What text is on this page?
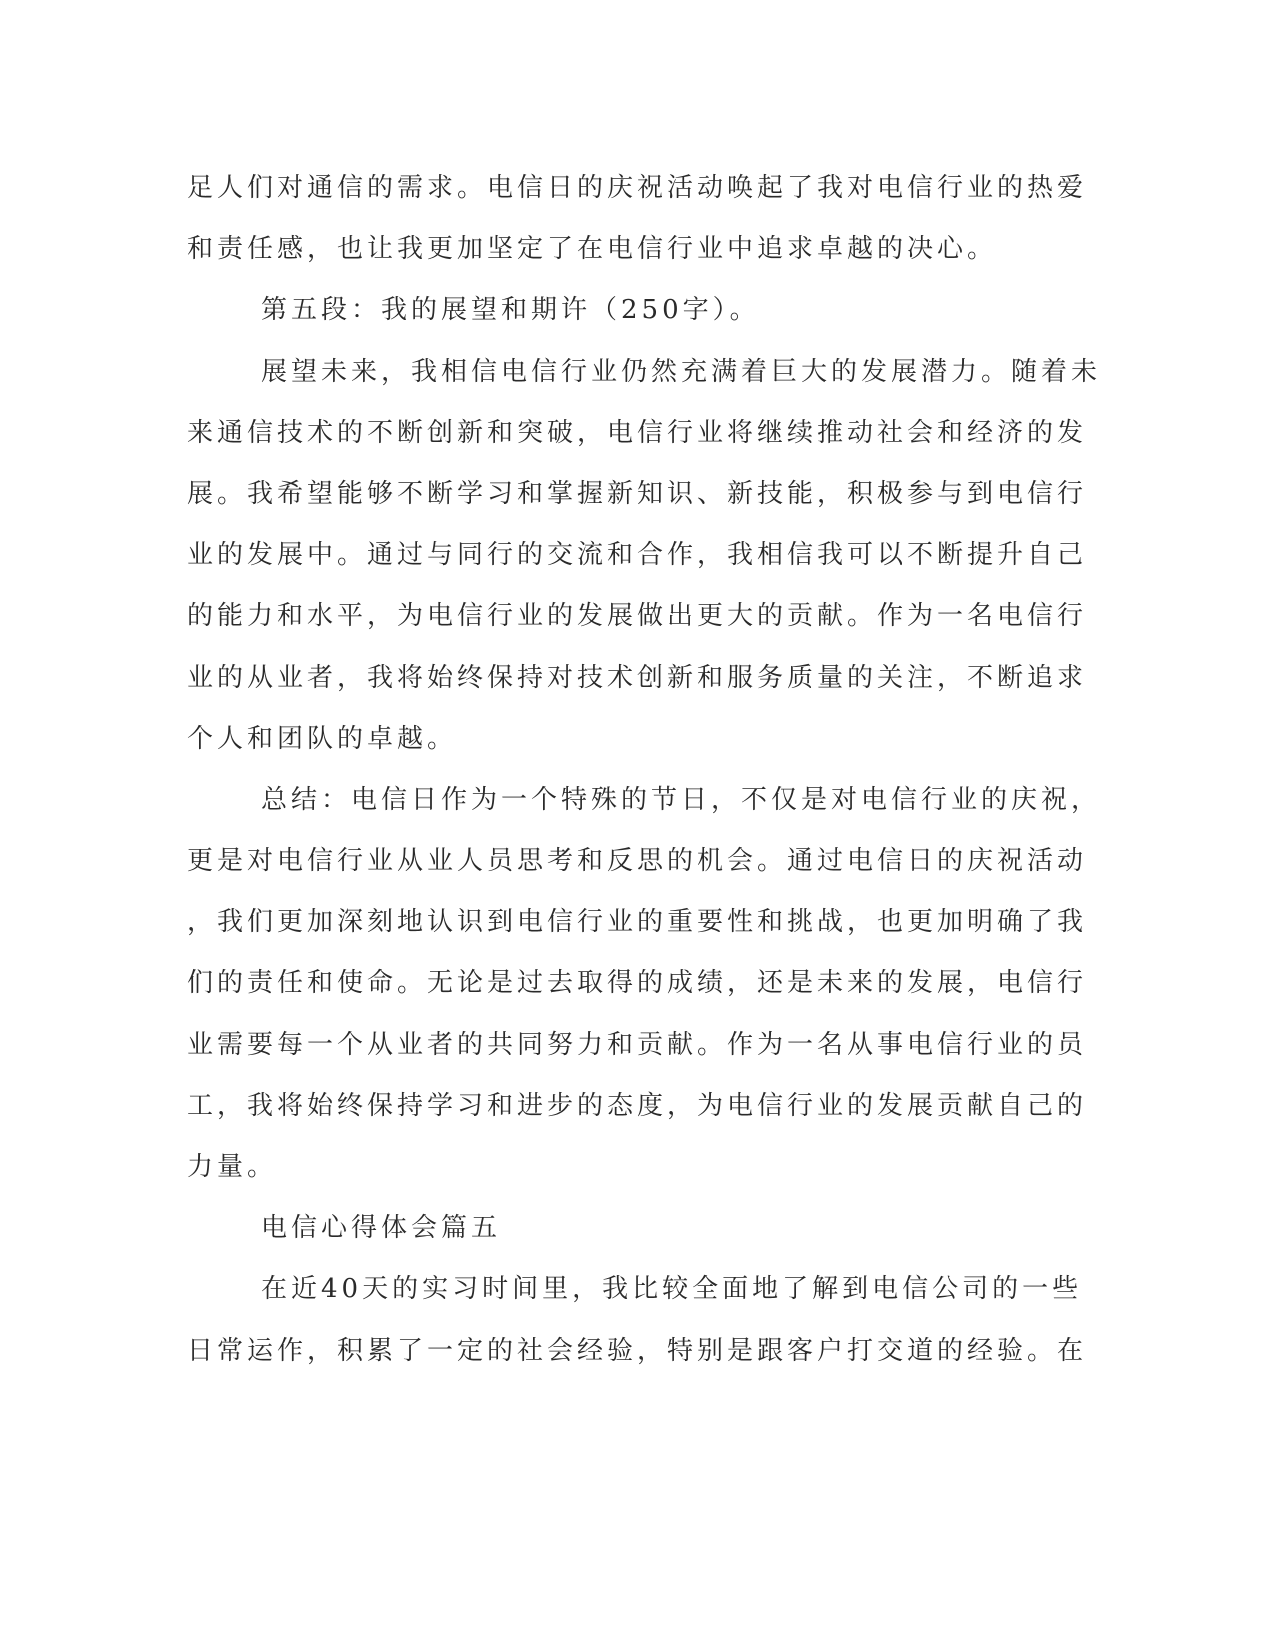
足人们对通信的需求。电信日的庆祝活动唤起了我对电信行业的热爱
和责任感，也让我更加坚定了在电信行业中追求卓越的决心。
第五段：我的展望和期许（250字）。
展望未来，我相信电信行业仍然充满着巨大的发展潜力。随着未
来通信技术的不断创新和突破，电信行业将继续推动社会和经济的发
展。我希望能够不断学习和掌握新知识、新技能，积极参与到电信行
业的发展中。通过与同行的交流和合作，我相信我可以不断提升自己
的能力和水平，为电信行业的发展做出更大的贡献。作为一名电信行
业的从业者，我将始终保持对技术创新和服务质量的关注，不断追求
个人和团队的卓越。
总结：电信日作为一个特殊的节日，不仅是对电信行业的庆祝，
更是对电信行业从业人员思考和反思的机会。通过电信日的庆祝活动
，我们更加深刻地认识到电信行业的重要性和挑战，也更加明确了我
们的责任和使命。无论是过去取得的成绩，还是未来的发展，电信行
业需要每一个从业者的共同努力和贡献。作为一名从事电信行业的员
工，我将始终保持学习和进步的态度，为电信行业的发展贡献自己的
力量。
电信心得体会篇五
在近40天的实习时间里，我比较全面地了解到电信公司的一些
日常运作，积累了一定的社会经验，特别是跟客户打交道的经验。在
